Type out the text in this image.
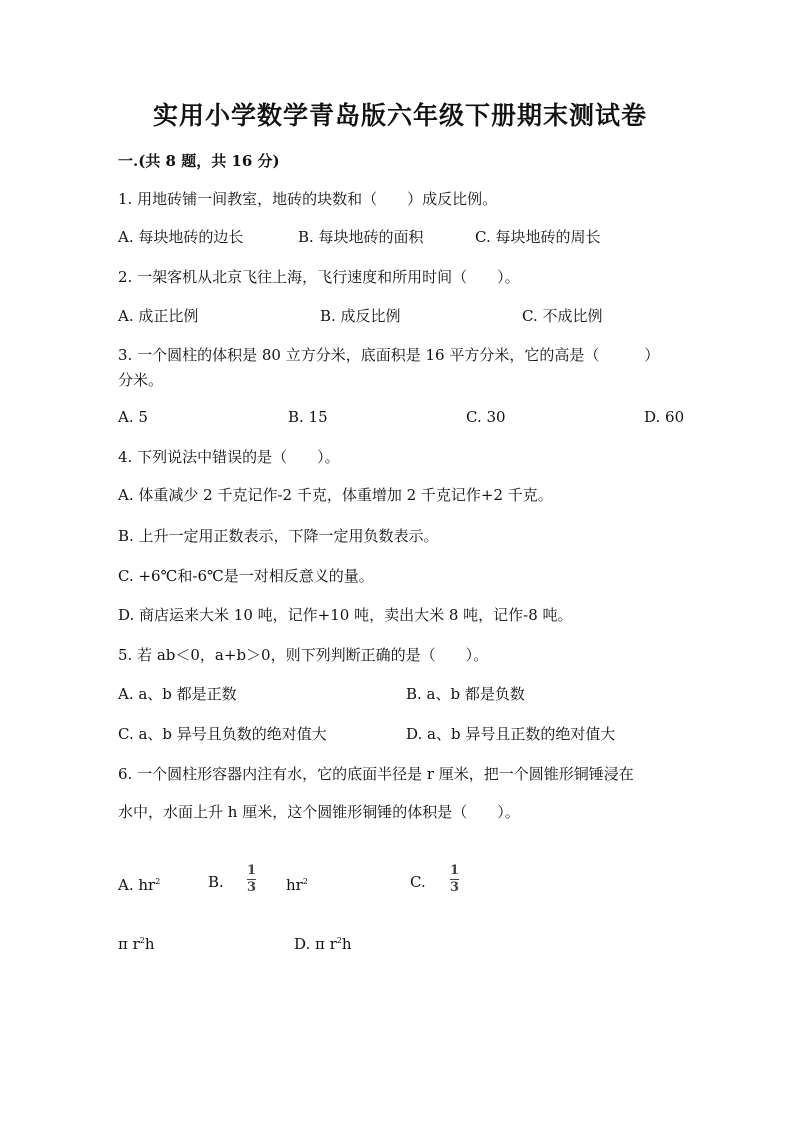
实用小学数学青岛版六年级下册期末测试卷
一.(共 8 题，共 16 分)
1. 用地砖铺一间教室，地砖的块数和（　　）成反比例。
A. 每块地砖的边长	B. 每块地砖的面积	C. 每块地砖的周长
2. 一架客机从北京飞往上海，飞行速度和所用时间（　　）。
A. 成正比例	B. 成反比例	C. 不成比例
3. 一个圆柱的体积是 80 立方分米，底面积是 16 平方分米，它的高是（　　　）
分米。
A. 5	B. 15	C. 30	D. 60
4. 下列说法中错误的是（　　）。
A. 体重减少 2 千克记作-2 千克，体重增加 2 千克记作+2 千克。
B. 上升一定用正数表示，下降一定用负数表示。
C. +6℃和-6℃是一对相反意义的量。
D. 商店运来大米 10 吨，记作+10 吨，卖出大米 8 吨，记作-8 吨。
5. 若 ab＜0，a+b＞0，则下列判断正确的是（　　）。
A. a、b 都是正数	B. a、b 都是负数
C. a、b 异号且负数的绝对值大	D. a、b 异号且正数的绝对值大
6. 一个圆柱形容器内注有水，它的底面半径是 r 厘米，把一个圆锥形铜锤浸在
水中，水面上升 h 厘米，这个圆锥形铜锤的体积是（　　）。
A. $hr^2$	B.
1
3 $hr^2$	C.
1
3
π $r^2h$	D. π $r^2h$
